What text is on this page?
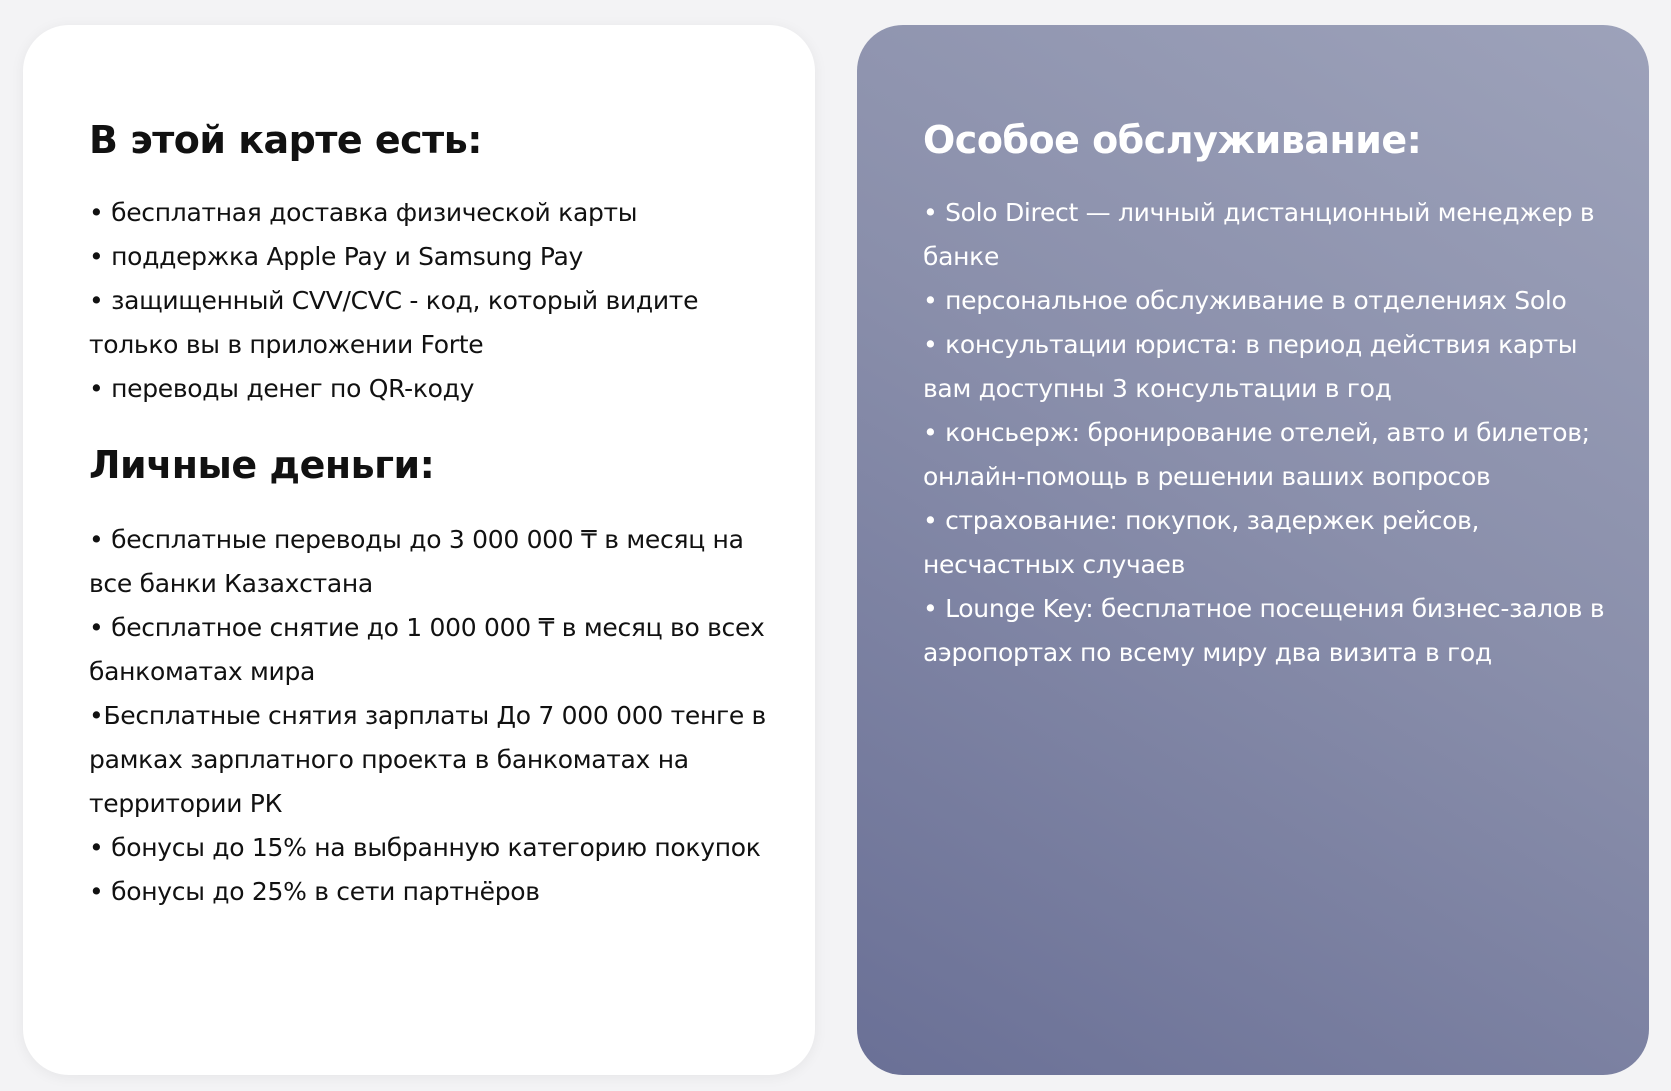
В этой карте есть:
• бесплатная доставка физической карты
• поддержка Apple Pay и Samsung Pay
• защищенный CVV/CVC - код, который видите только вы в приложении Forte
• переводы денег по QR-коду
Личные деньги:
• бесплатные переводы до 3 000 000 ₸ в месяц на все банки Казахстана
• бесплатное снятие до 1 000 000 ₸ в месяц во всех банкоматах мира
•Бесплатные снятия зарплаты До 7 000 000 тенге в рамках зарплатного проекта в банкоматах на территории РК
• бонусы до 15% на выбранную категорию покупок
• бонусы до 25% в сети партнёров
Особое обслуживание:
• Solo Direct — личный дистанционный менеджер в банке
• персональное обслуживание в отделениях Solo
• консультации юриста: в период действия карты вам доступны 3 консультации в год
• консьерж: бронирование отелей, авто и билетов; онлайн-помощь в решении ваших вопросов
• страхование: покупок, задержек рейсов, несчастных случаев
• Lounge Key: бесплатное посещения бизнес-залов в аэропортах по всему миру два визита в год
